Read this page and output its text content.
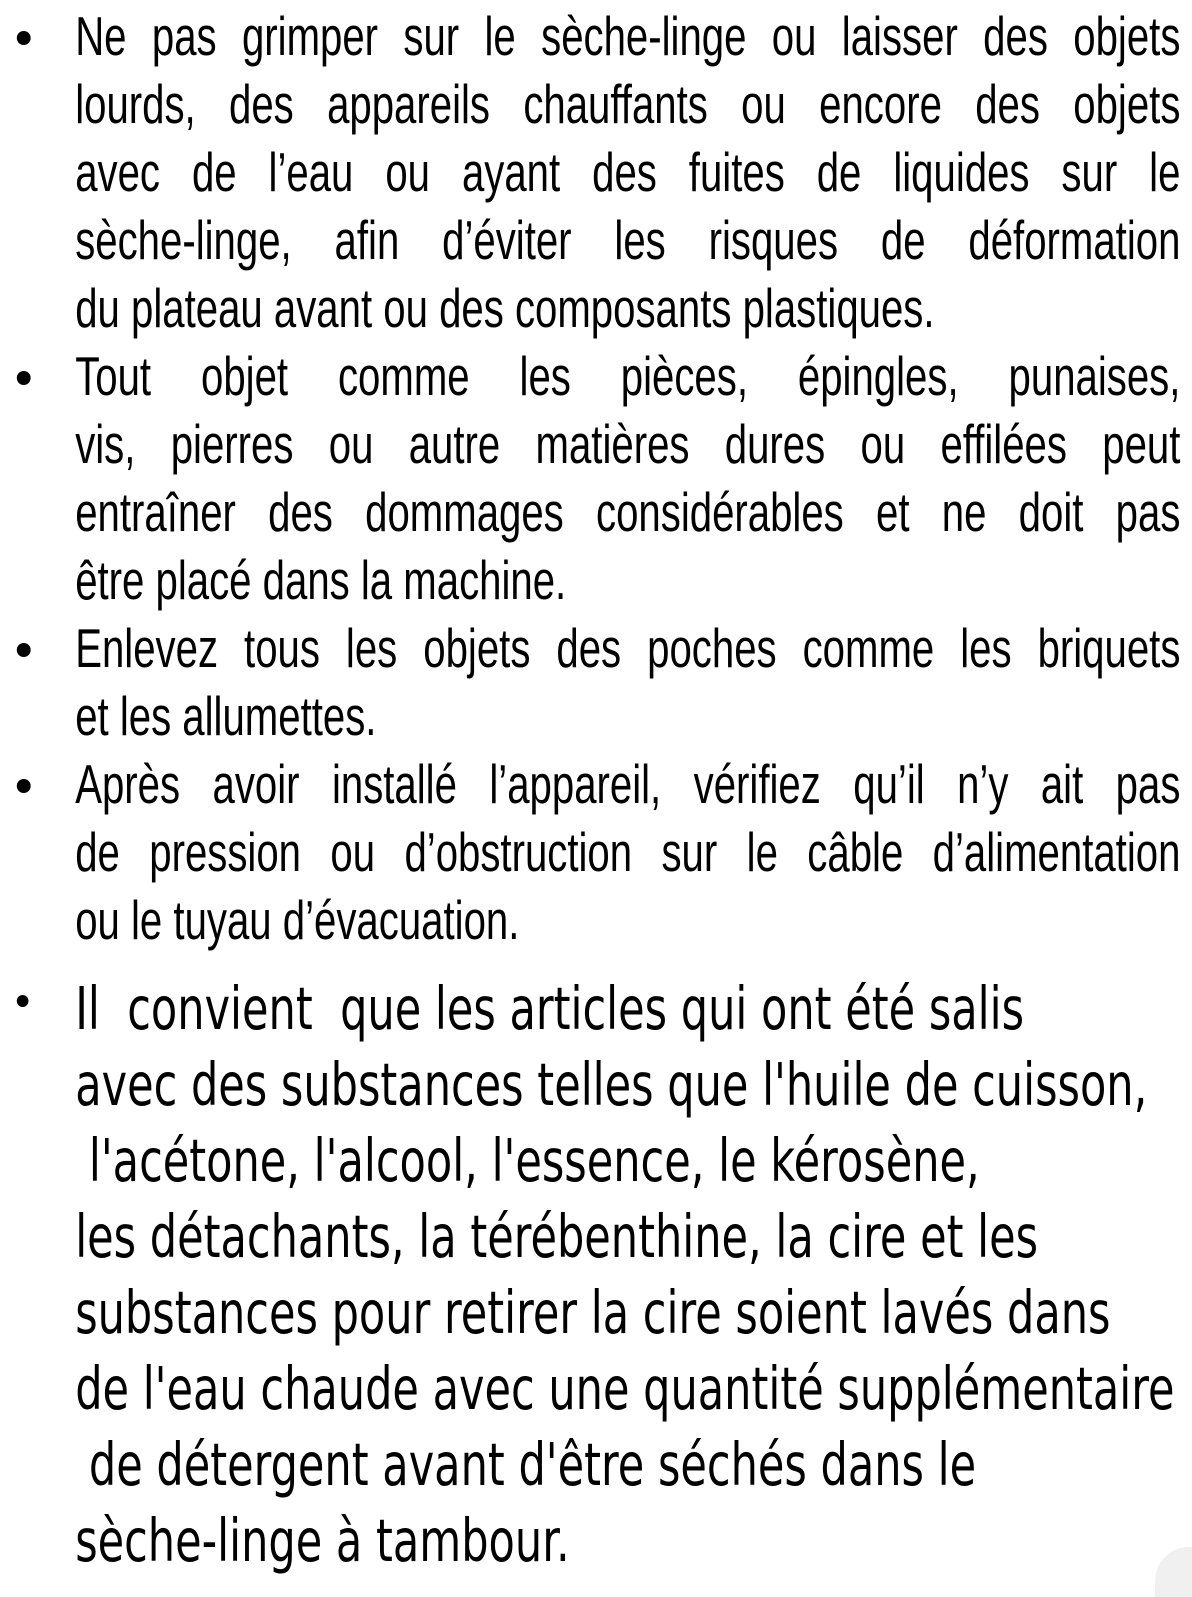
Ne pas grimper sur le sèche-linge ou laisser des objets
lourds, des appareils chauffants ou encore des objets
avec de l’eau ou ayant des fuites de liquides sur le
sèche-linge, afin d’éviter les risques de déformation
du plateau avant ou des composants plastiques.
Tout objet comme les pièces, épingles, punaises,
vis, pierres ou autre matières dures ou effilées peut
entraîner des dommages considérables et ne doit pas
être placé dans la machine.
Enlevez tous les objets des poches comme les briquets
et les allumettes.
Après avoir installé l’appareil, vérifiez qu’il n’y ait pas
de pression ou d’obstruction sur le câble d’alimentation
ou le tuyau d’évacuation.
Il  convient  que les articles qui ont été salis
avec des substances telles que l'huile de cuisson,
l'acétone, l'alcool, l'essence, le kérosène,
les détachants, la térébenthine, la cire et les
substances pour retirer la cire soient lavés dans
de l'eau chaude avec une quantité supplémentaire
de détergent avant d'être séchés dans le
sèche-linge à tambour.
